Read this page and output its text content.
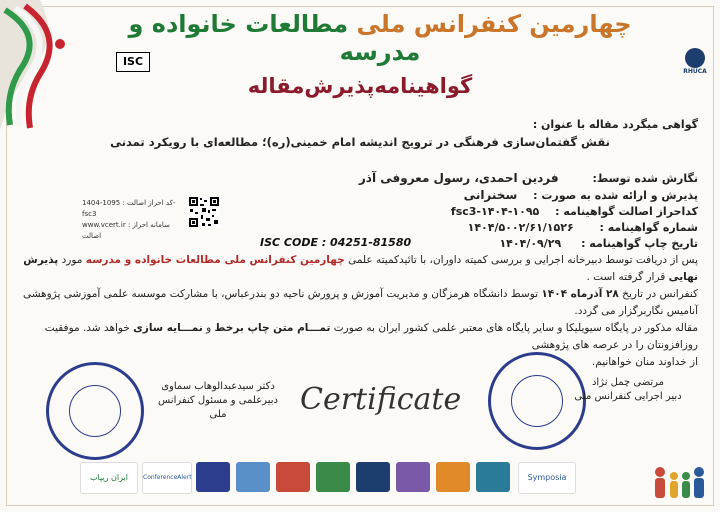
چهارمین کنفرانس ملی مطالعات خانواده و مدرسه
ISC
RHUCA
گواهینامه‌پذیرش‌مقاله
گواهی میگردد مقاله با عنوان :
نقش گفتمان‌سازی فرهنگی در ترویج اندیشه امام خمینی(ره)؛ مطالعه‌ای با رویکرد تمدنی
نگارش شده توسط: فردین احمدی، رسول معروفی آذر
پذیرش و ارائه شده به صورت : سخنرانی
کداحراز اصالت گواهینامه : fsc3-۱۴۰۴-۱۰۹۵
شماره گواهینامه : ۱۴۰۴/۵۰۰۲/۶۱/۱۵۲۶
تاریخ چاپ گواهینامه : ۱۴۰۴/۰۹/۲۹
ISC CODE : 04251-81580
کد احراز اصالت : 1095-1404-fsc3
www.vcert.ir : سامانه احراز اصالت
پس از دریافت توسط دبیرخانه اجرایی و بررسی کمیته داوران، با تائیدکمیته علمی چهارمین کنفرانس ملی مطالعات خانواده و مدرسه مورد پذیرش نهایی قرار گرفته است .
کنفرانس در تاریخ ۲۸ آذرماه ۱۴۰۴ توسط دانشگاه هرمزگان و مدیریت آموزش و پرورش ناحیه دو بندرعباس، با مشارکت موسسه علمی آموزشی پژوهشی آنامیس نگاربرگزار می گردد.
مقاله مذکور در پایگاه سیویلیکا و سایر پایگاه های معتبر علمی کشور ایران به صورت تمـــام متن چاپ برخط و نمـــایه سازی خواهد شد. موفقیت روزافزونتان را در عرصه های پژوهشی
از خداوند منان خواهانیم.
مرتضی چمل نژاد
دبیر اجرایی کنفرانس ملی
دکتر سیدعبدالوهاب سماوی
دبیرعلمی و مسئول کنفرانس ملی	Certificate
ایران ریپاب	ConferenceAlert	Symposia
